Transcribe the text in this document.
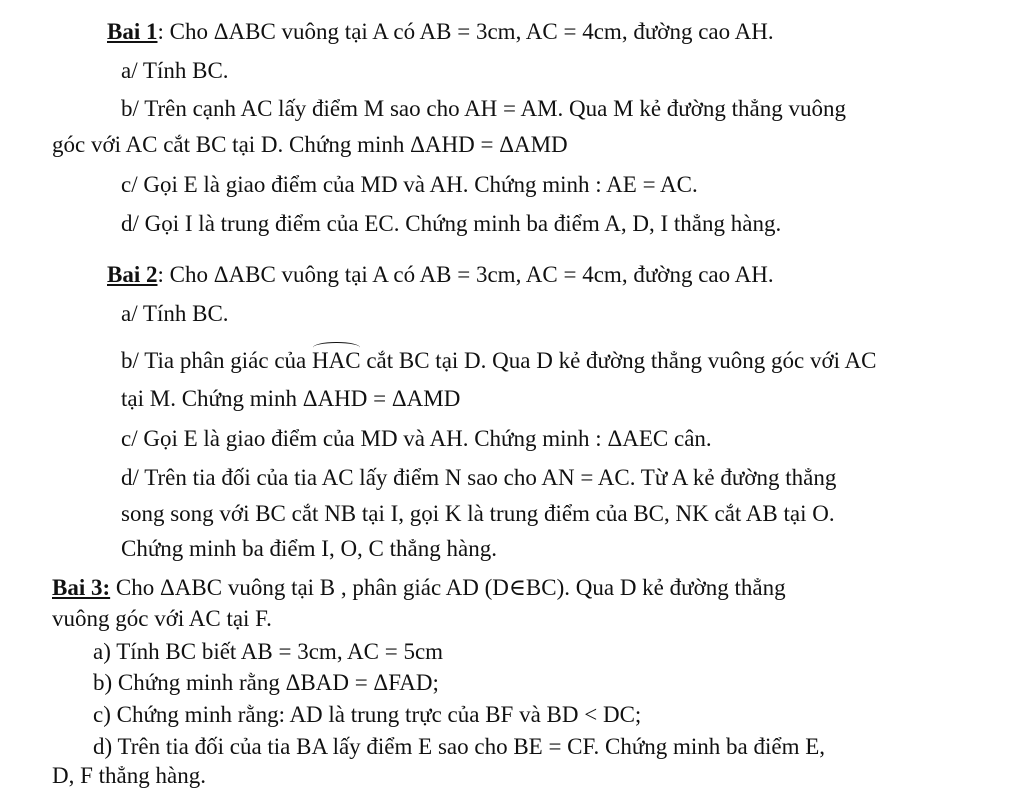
Bai 1: Cho ΔABC vuông tại A có AB = 3cm, AC = 4cm, đường cao AH.
a/ Tính BC.
b/ Trên cạnh AC lấy điểm M sao cho AH = AM. Qua M kẻ đường thẳng vuông
góc với AC cắt BC tại D. Chứng minh ΔAHD = ΔAMD
c/ Gọi E là giao điểm của MD và AH. Chứng minh : AE = AC.
d/ Gọi I là trung điểm của EC. Chứng minh ba điểm A, D, I thẳng hàng.
Bai 2: Cho ΔABC vuông tại A có AB = 3cm, AC = 4cm, đường cao AH.
a/ Tính BC.
b/ Tia phân giác của HAC cắt BC tại D. Qua D kẻ đường thẳng vuông góc với AC
tại M. Chứng minh ΔAHD = ΔAMD
c/ Gọi E là giao điểm của MD và AH. Chứng minh : ΔAEC cân.
d/ Trên tia đối của tia AC lấy điểm N sao cho AN = AC. Từ A kẻ đường thẳng
song song với BC cắt NB tại I, gọi K là trung điểm của BC, NK cắt AB tại O.
Chứng minh ba điểm I, O, C thẳng hàng.
Bai 3: Cho ΔABC vuông tại B , phân giác AD (D∈BC). Qua D kẻ đường thẳng
vuông góc với AC tại F.
a) Tính BC biết AB = 3cm, AC = 5cm
b) Chứng minh rằng ΔBAD = ΔFAD;
c) Chứng minh rằng: AD là trung trực của BF và BD < DC;
d) Trên tia đối của tia BA lấy điểm E sao cho BE = CF. Chứng minh ba điểm E,
D, F thẳng hàng.
